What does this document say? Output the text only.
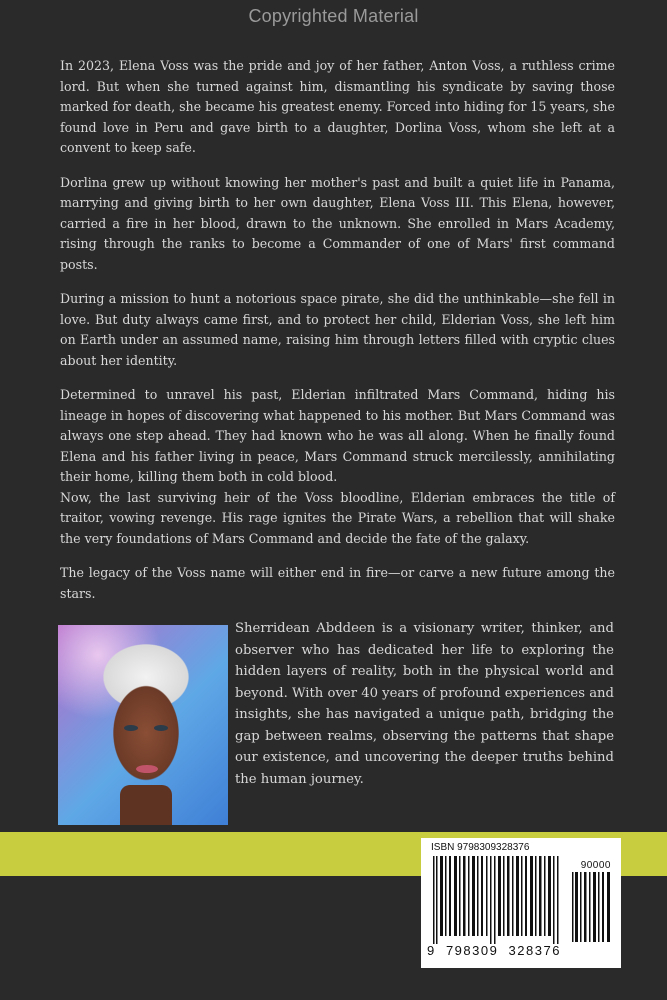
Copyrighted Material

In 2023, Elena Voss was the pride and joy of her father, Anton Voss, a ruthless crime lord. But when she turned against him, dismantling his syndicate by saving those marked for death, she became his greatest enemy. Forced into hiding for 15 years, she found love in Peru and gave birth to a daughter, Dorlina Voss, whom she left at a convent to keep safe.

Dorlina grew up without knowing her mother's past and built a quiet life in Panama, marrying and giving birth to her own daughter, Elena Voss III. This Elena, however, carried a fire in her blood, drawn to the unknown. She enrolled in Mars Academy, rising through the ranks to become a Commander of one of Mars' first command posts.

During a mission to hunt a notorious space pirate, she did the unthinkable—she fell in love. But duty always came first, and to protect her child, Elderian Voss, she left him on Earth under an assumed name, raising him through letters filled with cryptic clues about her identity.

Determined to unravel his past, Elderian infiltrated Mars Command, hiding his lineage in hopes of discovering what happened to his mother. But Mars Command was always one step ahead. They had known who he was all along. When he finally found Elena and his father living in peace, Mars Command struck mercilessly, annihilating their home, killing them both in cold blood.

Now, the last surviving heir of the Voss bloodline, Elderian embraces the title of traitor, vowing revenge. His rage ignites the Pirate Wars, a rebellion that will shake the very foundations of Mars Command and decide the fate of the galaxy.

The legacy of the Voss name will either end in fire—or carve a new future among the stars.

Sherridean Abddeen is a visionary writer, thinker, and observer who has dedicated her life to exploring the hidden layers of reality, both in the physical world and beyond. With over 40 years of profound experiences and insights, she has navigated a unique path, bridging the gap between realms, observing the patterns that shape our existence, and uncovering the deeper truths behind the human journey.
ISBN 9798309328376
90000
9  798309  328376
